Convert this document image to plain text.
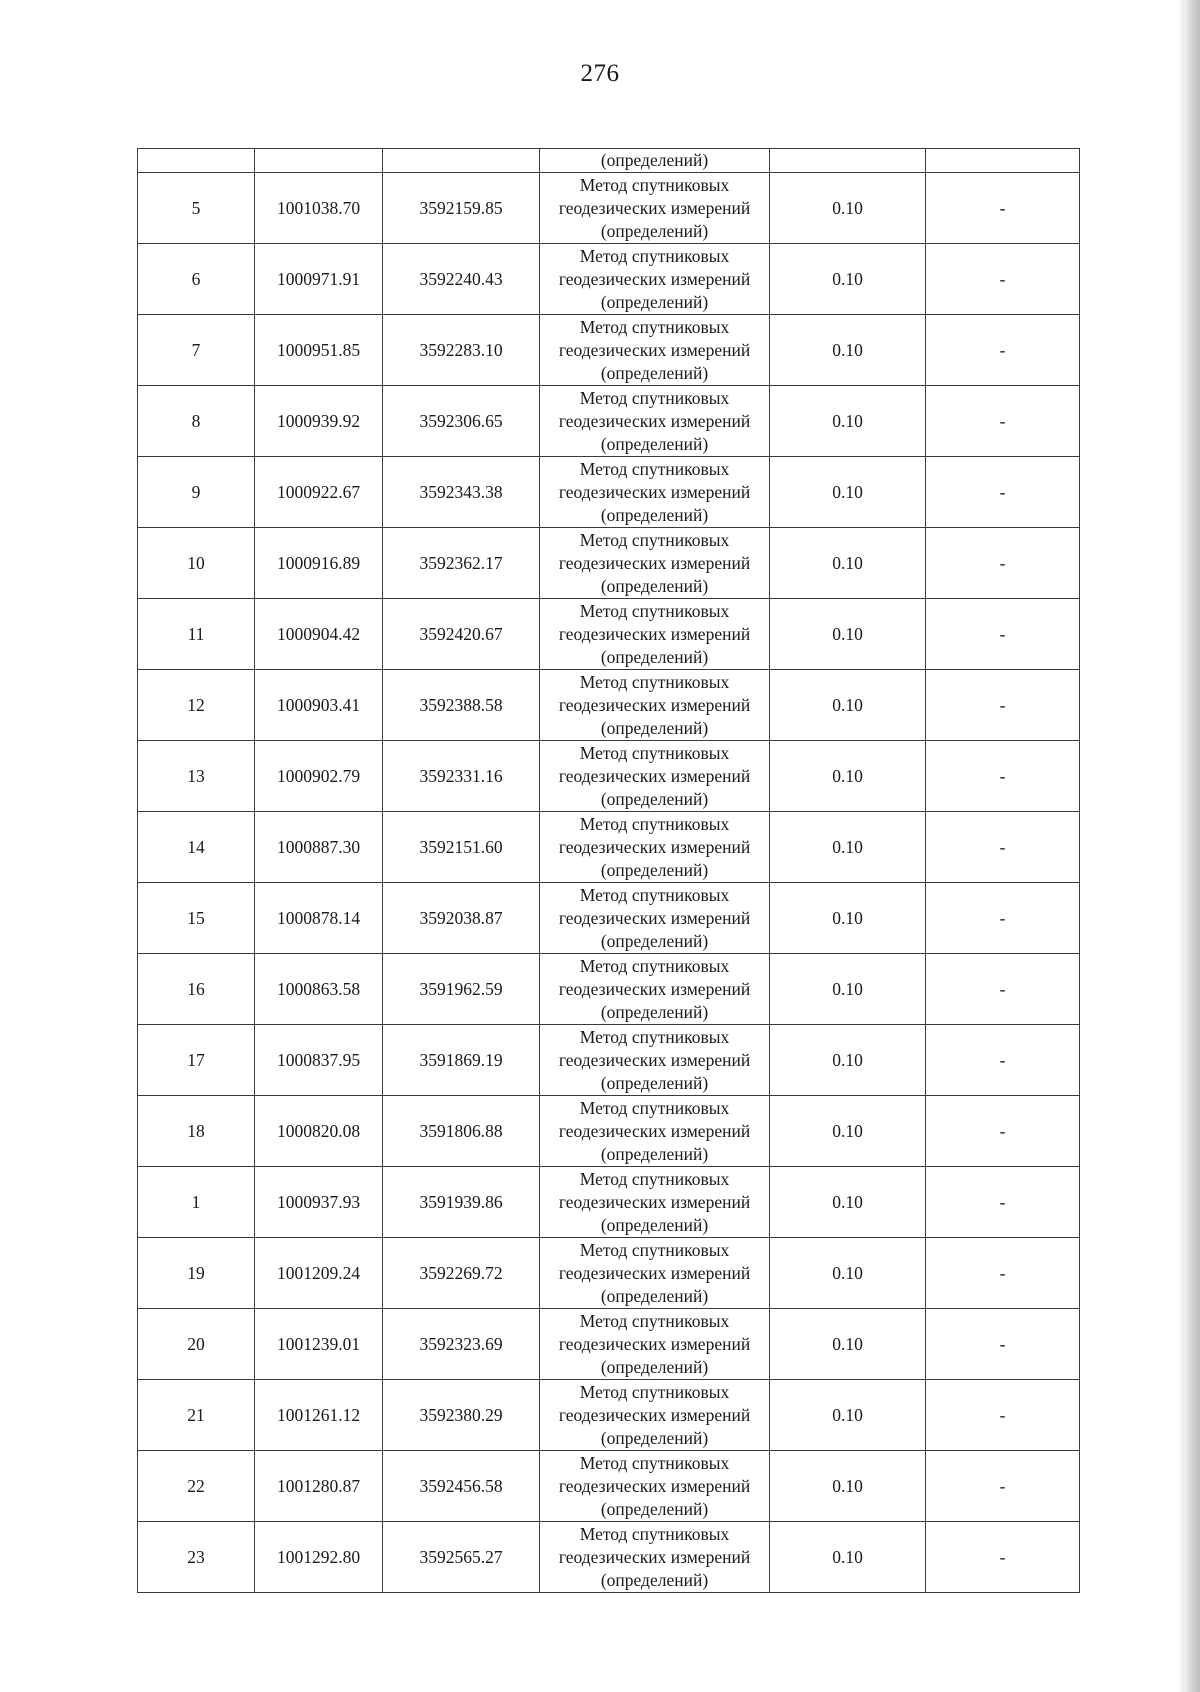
276

			(определений)		

5	1001038.70	3592159.85	Метод спутниковых
геодезических измерений
(определений)	0.10	-
6	1000971.91	3592240.43	Метод спутниковых
геодезических измерений
(определений)	0.10	-
7	1000951.85	3592283.10	Метод спутниковых
геодезических измерений
(определений)	0.10	-
8	1000939.92	3592306.65	Метод спутниковых
геодезических измерений
(определений)	0.10	-
9	1000922.67	3592343.38	Метод спутниковых
геодезических измерений
(определений)	0.10	-
10	1000916.89	3592362.17	Метод спутниковых
геодезических измерений
(определений)	0.10	-
11	1000904.42	3592420.67	Метод спутниковых
геодезических измерений
(определений)	0.10	-
12	1000903.41	3592388.58	Метод спутниковых
геодезических измерений
(определений)	0.10	-
13	1000902.79	3592331.16	Метод спутниковых
геодезических измерений
(определений)	0.10	-
14	1000887.30	3592151.60	Метод спутниковых
геодезических измерений
(определений)	0.10	-
15	1000878.14	3592038.87	Метод спутниковых
геодезических измерений
(определений)	0.10	-
16	1000863.58	3591962.59	Метод спутниковых
геодезических измерений
(определений)	0.10	-
17	1000837.95	3591869.19	Метод спутниковых
геодезических измерений
(определений)	0.10	-
18	1000820.08	3591806.88	Метод спутниковых
геодезических измерений
(определений)	0.10	-
1	1000937.93	3591939.86	Метод спутниковых
геодезических измерений
(определений)	0.10	-
19	1001209.24	3592269.72	Метод спутниковых
геодезических измерений
(определений)	0.10	-
20	1001239.01	3592323.69	Метод спутниковых
геодезических измерений
(определений)	0.10	-
21	1001261.12	3592380.29	Метод спутниковых
геодезических измерений
(определений)	0.10	-
22	1001280.87	3592456.58	Метод спутниковых
геодезических измерений
(определений)	0.10	-
23	1001292.80	3592565.27	Метод спутниковых
геодезических измерений
(определений)	0.10	-
